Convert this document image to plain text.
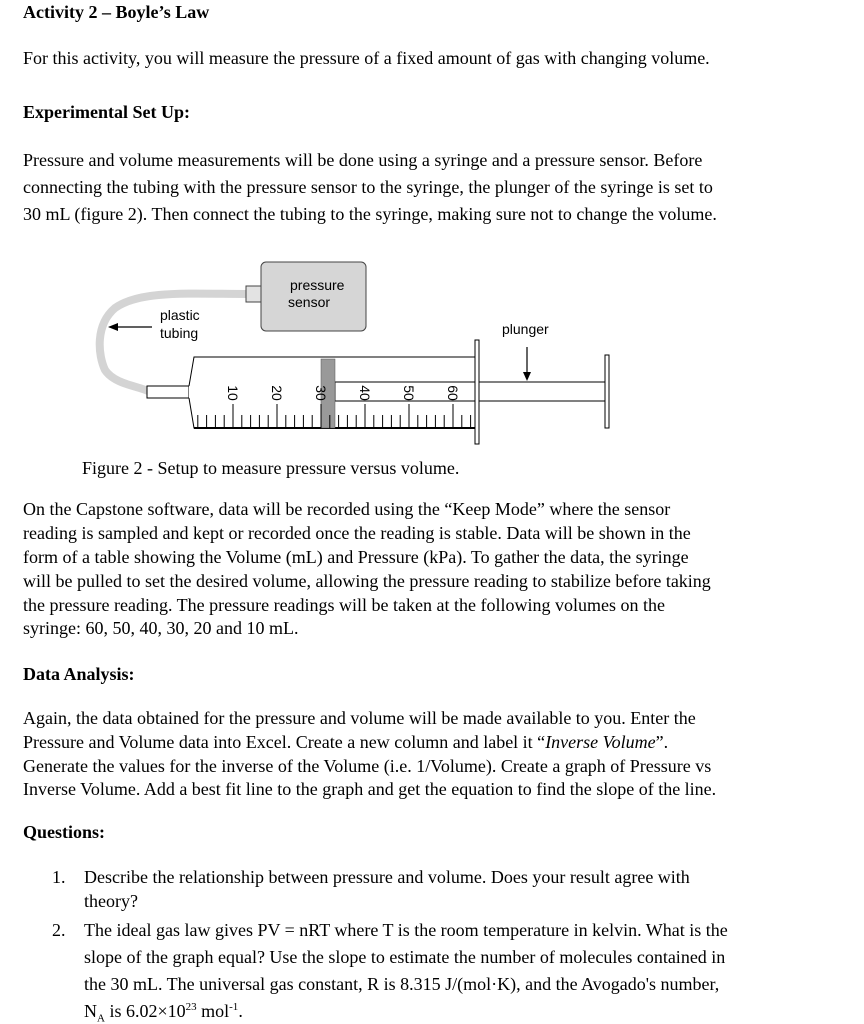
Activity 2 – Boyle’s Law
For this activity, you will measure the pressure of a fixed amount of gas with changing volume.
Experimental Set Up:
Pressure and volume measurements will be done using a syringe and a pressure sensor. Before
connecting the tubing with the pressure sensor to the syringe, the plunger of the syringe is set to
30 mL (figure 2). Then connect the tubing to the syringe, making sure not to change the volume.
pressure
sensor
plastic
tubing	plunger
10 20 30 40 50 60
Figure 2 - Setup to measure pressure versus volume.
On the Capstone software, data will be recorded using the “Keep Mode” where the sensor
reading is sampled and kept or recorded once the reading is stable. Data will be shown in the
form of a table showing the Volume (mL) and Pressure (kPa). To gather the data, the syringe
will be pulled to set the desired volume, allowing the pressure reading to stabilize before taking
the pressure reading. The pressure readings will be taken at the following volumes on the
syringe: 60, 50, 40, 30, 20 and 10 mL.
Data Analysis:
Again, the data obtained for the pressure and volume will be made available to you. Enter the
Pressure and Volume data into Excel. Create a new column and label it “Inverse Volume”.
Generate the values for the inverse of the Volume (i.e. 1/Volume). Create a graph of Pressure vs
Inverse Volume. Add a best fit line to the graph and get the equation to find the slope of the line.
Questions:
1. Describe the relationship between pressure and volume. Does your result agree with
theory?
2. The ideal gas law gives PV = nRT where T is the room temperature in kelvin. What is the
slope of the graph equal? Use the slope to estimate the number of molecules contained in
the 30 mL. The universal gas constant, R is 8.315 J/(mol·K), and the Avogado's number,
$N_A$ is $6.02\times 10^{23}$ mol$^{-1}$.
